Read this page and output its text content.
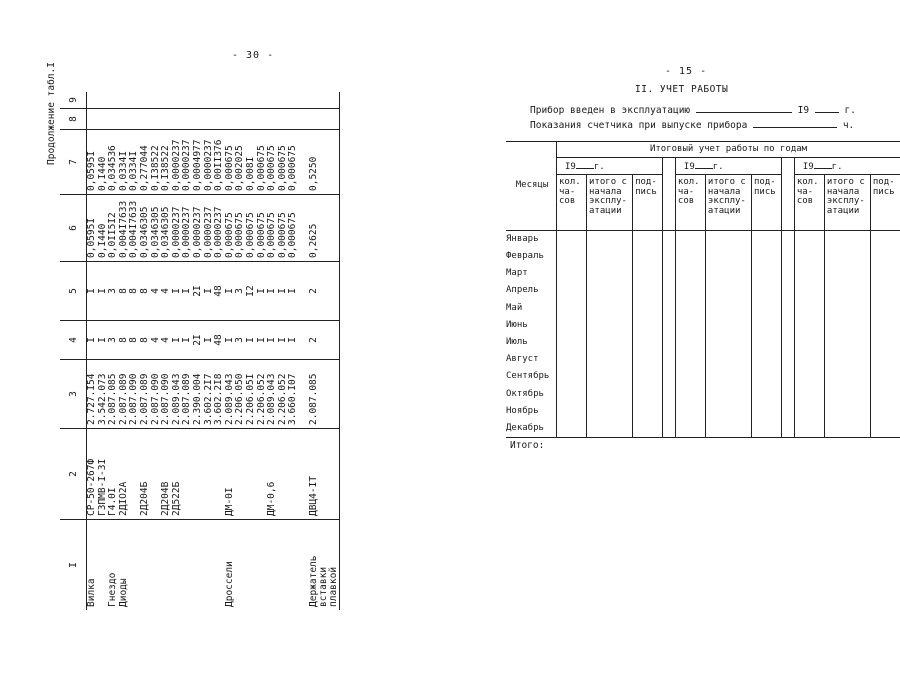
- 30 -
Продолжение табл.I
I	2	3	4	5	6	7	8	9
Вилка	СР-50-267Ф	2.727.I54	I	I	0,0595I	0,0595I		
	ГЗПМВ-I-3I	3.542.073	I	I	0,I440	0,I440		
Гнездо	Г4.0I	2.087.085	3	3	0,0II5I2	0,034536		
Диоды	2ДIО2А	2.087.089	8	8	0,004I7633	0,0334I		
		2.087.090	8	8	0,004I7633	0,0334I		
	2Д204Б	2.087.089	8	8	0,0346305	0,277044		
		2.087.090	4	4	0,0346305	0,I38522		
	2Д204В	2.087.090	4	4	0,0346305	0,I38522		
	2Д522Б	2.089.043	I	I	0,0000237	0,0000237		
		2.087.089	I	I	0,0000237	0,0000237		
		2.390.004	2I	2I	0,0000237	0,0004977		
		3.602.2I7	I	I	0,0000237	0,0000237		
		3.602.2I8	48	48	0,0000237	0,00II376		
Дроссели	ДМ-0I	2.089.043	I	I	0,000675	0,000675		
		2.206.050	3	3	0,000675	0,002025		
		2.206.05I	I	I2	0,000675	0,008I		
		2.206.052	I	I	0,000675	0,000675		
	ДМ-0,6	2.089.043	I	I	0,000675	0,000675		
		2.206.052	I	I	0,000675	0,000675		
		3.660.I07	I	I	0,000675	0,000675		

Держатель вставки плавкой	ДВЦ4-IТ	2.087.085	2	2	0,2625	0,5250		
- 15 -
II. УЧЕТ РАБОТЫ
Прибор введен в эксплуатацию	I9	г.
Показания счетчика при выпуске прибора	ч.
Месяцы	Итоговый учет работы по годам										
	I9 г.				I9 г.				I9 г.		
	кол. ча- сов	итого с начала эксплу- атации	под- пись		кол. ча- сов	итого с начала эксплу- атации	под- пись		кол. ча- сов	итого с начала эксплу- атации	под- пись
Январь											
Февраль											
Март											
Апрель											
Май											
Июнь											
Июль											
Август											
Сентябрь											
Октябрь											
Ноябрь											
Декабрь											
Итого:
